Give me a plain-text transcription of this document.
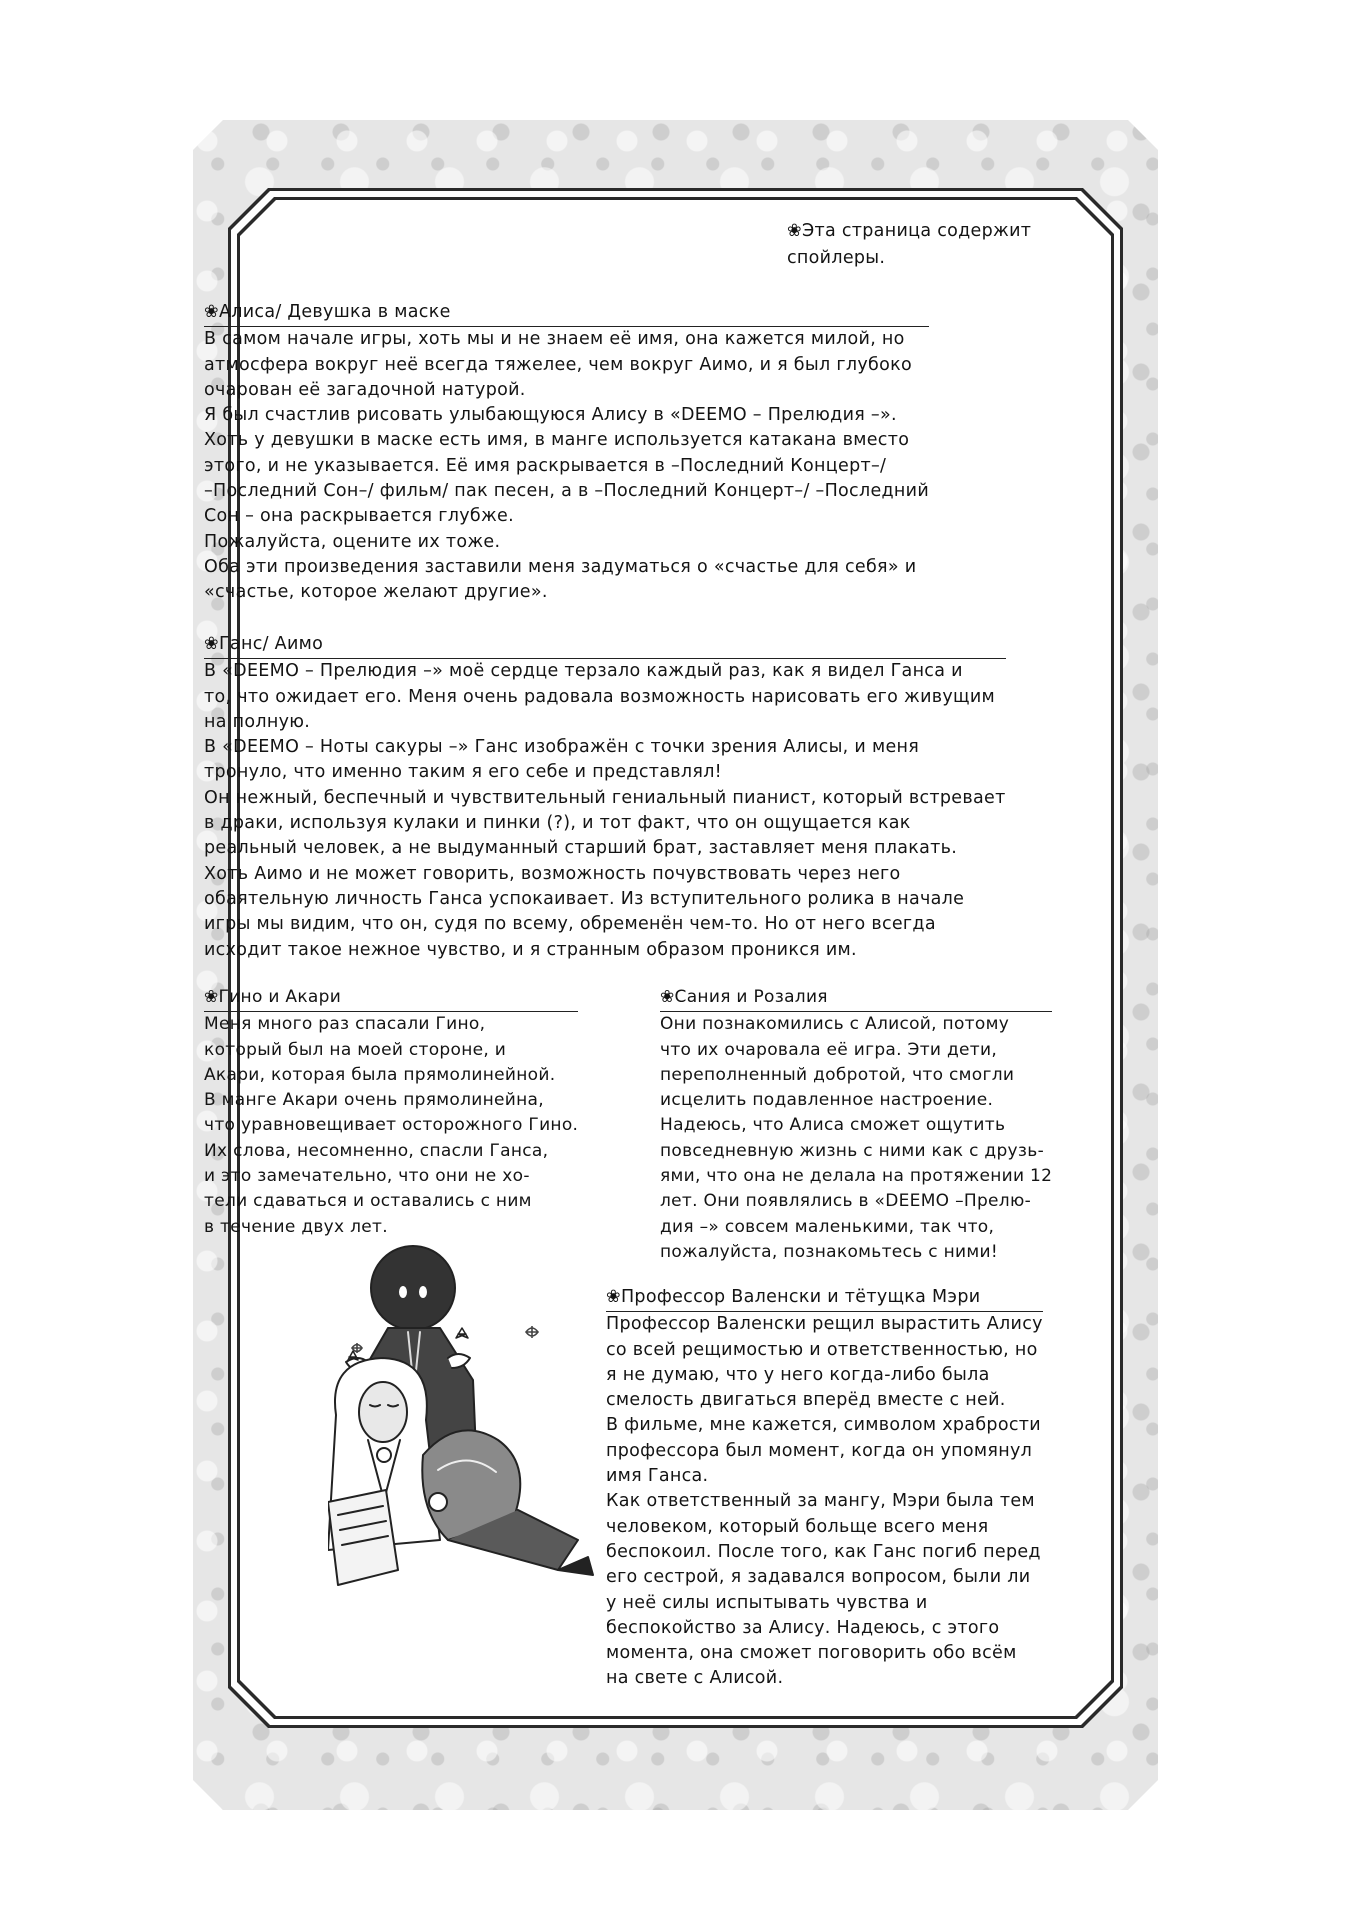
❀Эта страница содержит
спойлеры.
❀Алиса/ Девушка в маске
В самом начале игры, хоть мы и не знаем её имя, она кажется милой, но
атмосфера вокруг неё всегда тяжелее, чем вокруг Аимо, и я был глубоко
очарован её загадочной натурой.
Я был счастлив рисовать улыбающуюся Алису в «DEEMO – Прелюдия –».
Хоть у девушки в маске есть имя, в манге используется катакана вместо
этого, и не указывается. Её имя раскрывается в –Последний Концерт–/
–Последний Сон–/ фильм/ пак песен, а в –Последний Концерт–/ –Последний
Сон – она раскрывается глубже.
Пожалуйста, оцените их тоже.
Оба эти произведения заставили меня задуматься о «счастье для себя» и
«счастье, которое желают другие».
❀Ганс/ Аимо
В «DEEMO – Прелюдия –» моё сердце терзало каждый раз, как я видел Ганса и
то, что ожидает его. Меня очень радовала возможность нарисовать его живущим
на полную.
В «DEEMO – Ноты сакуры –» Ганс изображён с точки зрения Алисы, и меня
тронуло, что именно таким я его себе и представлял!
Он нежный, беспечный и чувствительный гениальный пианист, который встревает
в драки, используя кулаки и пинки (?), и тот факт, что он ощущается как
реальный человек, а не выдуманный старший брат, заставляет меня плакать.
Хоть Аимо и не может говорить, возможность почувствовать через него
обаятельную личность Ганса успокаивает. Из вступительного ролика в начале
игры мы видим, что он, судя по всему, обременён чем-то. Но от него всегда
исходит такое нежное чувство, и я странным образом проникся им.
❀Гино и Акари
Меня много раз спасали Гино,
который был на моей стороне, и
Акари, которая была прямолинейной.
В манге Акари очень прямолинейна,
что уравновещивает осторожного Гино.
Их слова, несомненно, спасли Ганса,
и это замечательно, что они не хо-
тели сдаваться и оставались с ним
в течение двух лет.
❀Сания и Розалия
Они познакомились с Алисой, потому
что их очаровала её игра. Эти дети,
переполненный добротой, что смогли
исцелить подавленное настроение.
Надеюсь, что Алиса сможет ощутить
повседневную жизнь с ними как с друзь-
ями, что она не делала на протяжении 12
лет. Они появлялись в «DEEMO –Прелю-
дия –» совсем маленькими, так что,
пожалуйста, познакомьтесь с ними!
❀Профессор Валенски и тётущка Мэри
Профессор Валенски рещил вырастить Алису
со всей рещимостью и ответственностью, но
я не думаю, что у него когда-либо была
смелость двигаться вперёд вместе с ней.
В фильме, мне кажется, символом храбрости
профессора был момент, когда он упомянул
имя Ганса.
Как ответственный за мангу, Мэри была тем
человеком, который больще всего меня
беспокоил. После того, как Ганс погиб перед
его сестрой, я задавался вопросом, были ли
у неё силы испытывать чувства и
беспокойство за Алису. Надеюсь, с этого
момента, она сможет поговорить обо всём
на свете с Алисой.
